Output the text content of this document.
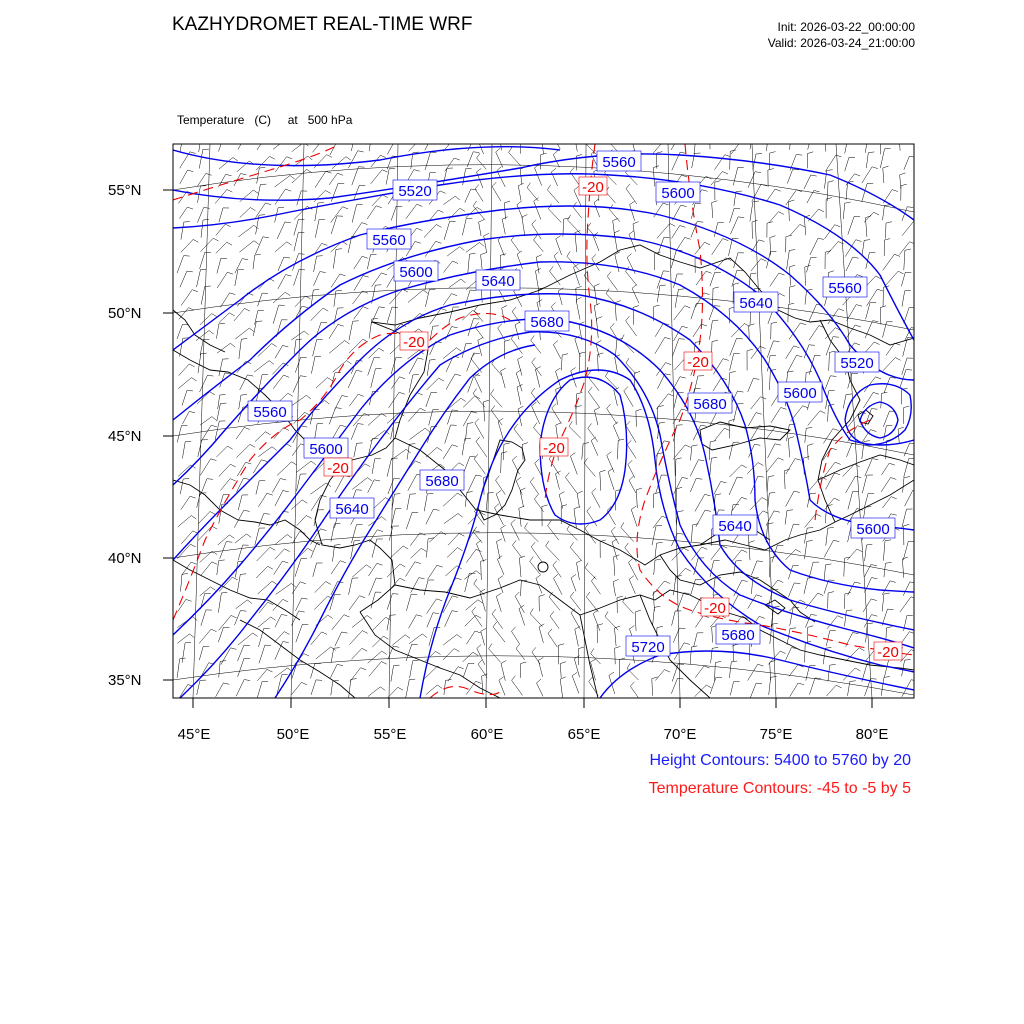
KAZHYDROMET REAL-TIME WRF	Init: 2026-03-22_00:00:00
Valid: 2026-03-24_21:00:00

Temperature   (C)     at   500 hPa

5560
5520	5600
5560
5600
5640
5680
5640
5560
5520
5600
5560
5600
5680
5680
5640
5640	5600
5720
5680
-20
-20
-20
-20
-20
-20
-20
55°N
50°N
45°N
40°N
35°N
45°E	50°E	55°E	60°E	65°E	70°E	75°E	80°E
Height Contours: 5400 to 5760 by 20
Temperature Contours: -45 to -5 by 5
